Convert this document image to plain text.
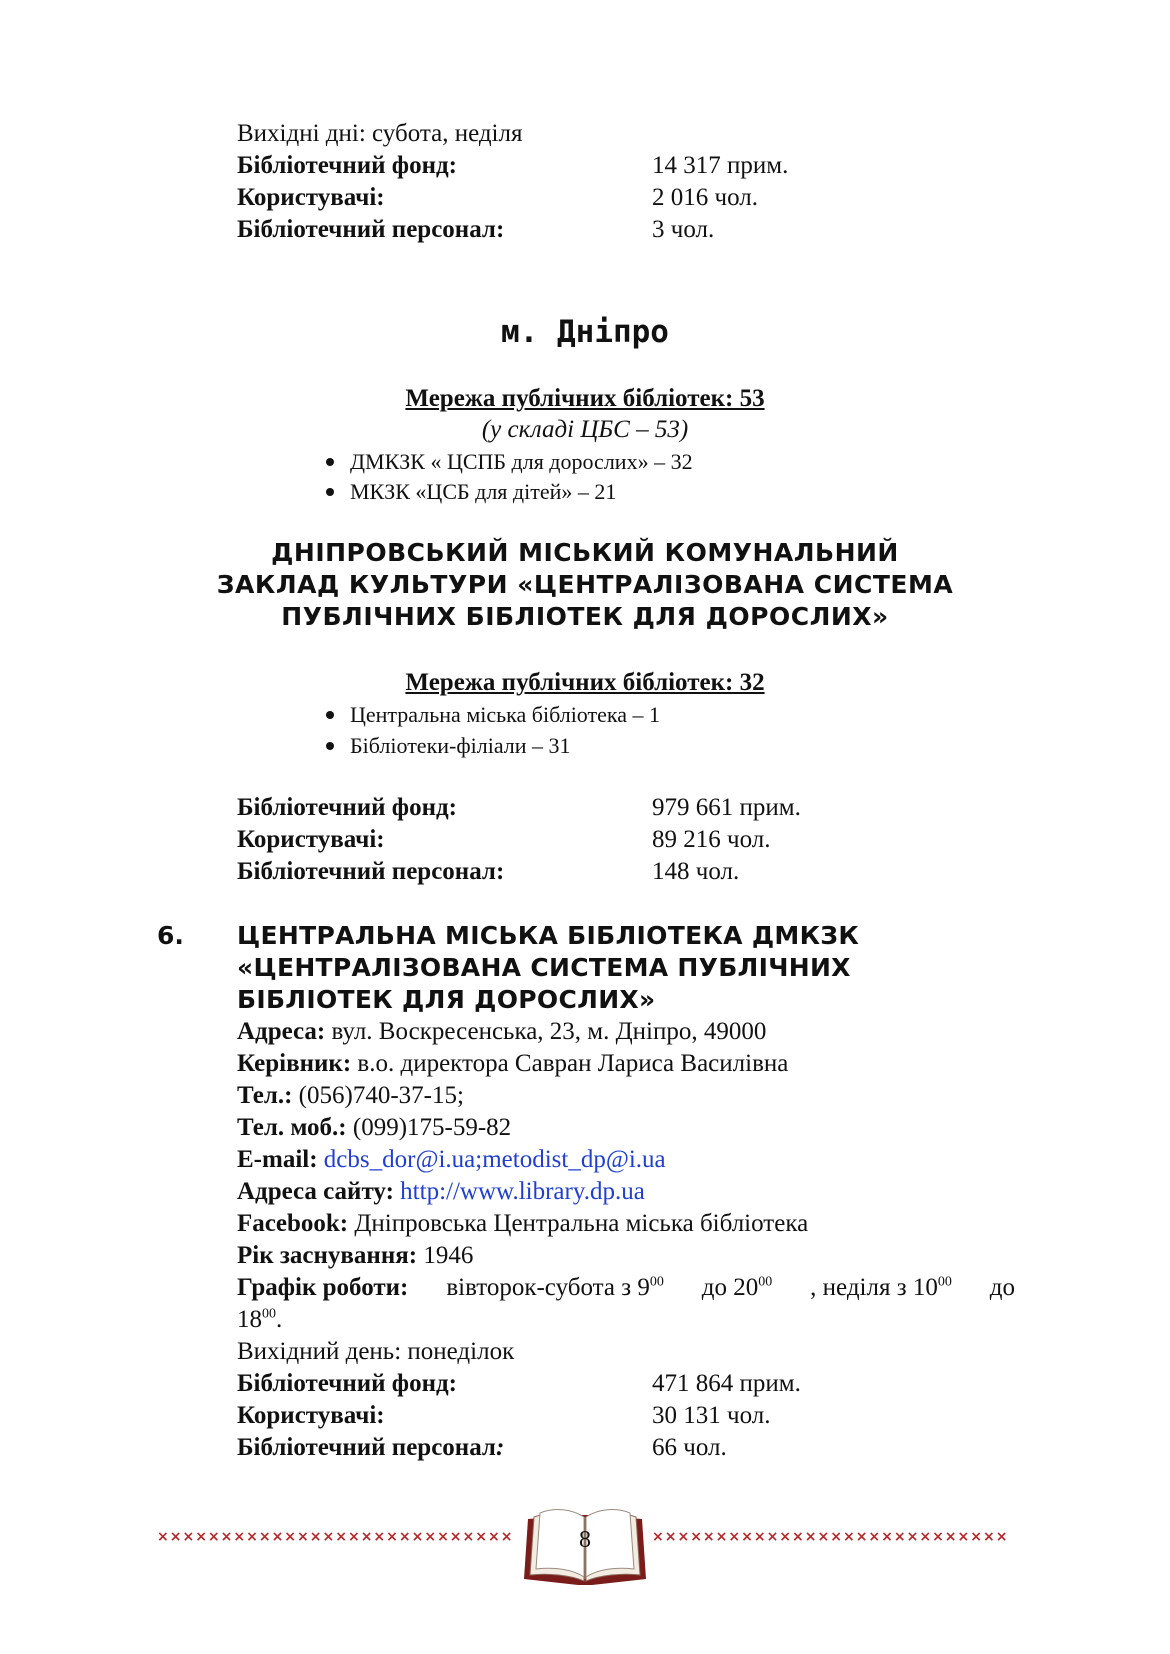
Вихідні дні: субота, неділя
Бібліотечний фонд:	14 317 прим.
Користувачі:	2 016 чол.
Бібліотечний персонал:	3 чол.
м. Дніпро
Мережа публічних бібліотек: 53
(у складі ЦБС – 53)
ДМКЗК « ЦСПБ для дорослих» – 32
МКЗК «ЦСБ для дітей» – 21
ДНІПРОВСЬКИЙ МІСЬКИЙ КОМУНАЛЬНИЙ
ЗАКЛАД КУЛЬТУРИ «ЦЕНТРАЛІЗОВАНА СИСТЕМА
ПУБЛІЧНИХ БІБЛІОТЕК ДЛЯ ДОРОСЛИХ»
Мережа публічних бібліотек: 32
Центральна міська бібліотека – 1
Бібліотеки-філіали – 31
Бібліотечний фонд:	979 661 прим.
Користувачі:	89 216 чол.
Бібліотечний персонал:	148 чол.
6. ЦЕНТРАЛЬНА МІСЬКА БІБЛІОТЕКА ДМКЗК
«ЦЕНТРАЛІЗОВАНА СИСТЕМА ПУБЛІЧНИХ
БІБЛІОТЕК ДЛЯ ДОРОСЛИХ»
Адреса: вул. Воскресенська, 23, м. Дніпро, 49000
Керівник: в.о. директора Савран Лариса Василівна
Тел.: (056)740-37-15;
Тел. моб.: (099)175-59-82
E-mail: dcbs_dor@i.ua;metodist_dp@i.ua
Адреса сайту: http://www.library.dp.ua
Facebook: Дніпровська Центральна міська бібліотека
Рік заснування: 1946
Графік роботи: вівторок-субота з $9^{00}$ до $20^{00}$ , неділя з $10^{00}$ до
$18^{00}$.
Вихідний день: понеділок
Бібліотечний фонд:	471 864 прим.
Користувачі:	30 131 чол.
Бібліотечний персонал:	66 чол.
××××××××××××××××××××××××××××	××××××××××××××××××××××××××××
8
